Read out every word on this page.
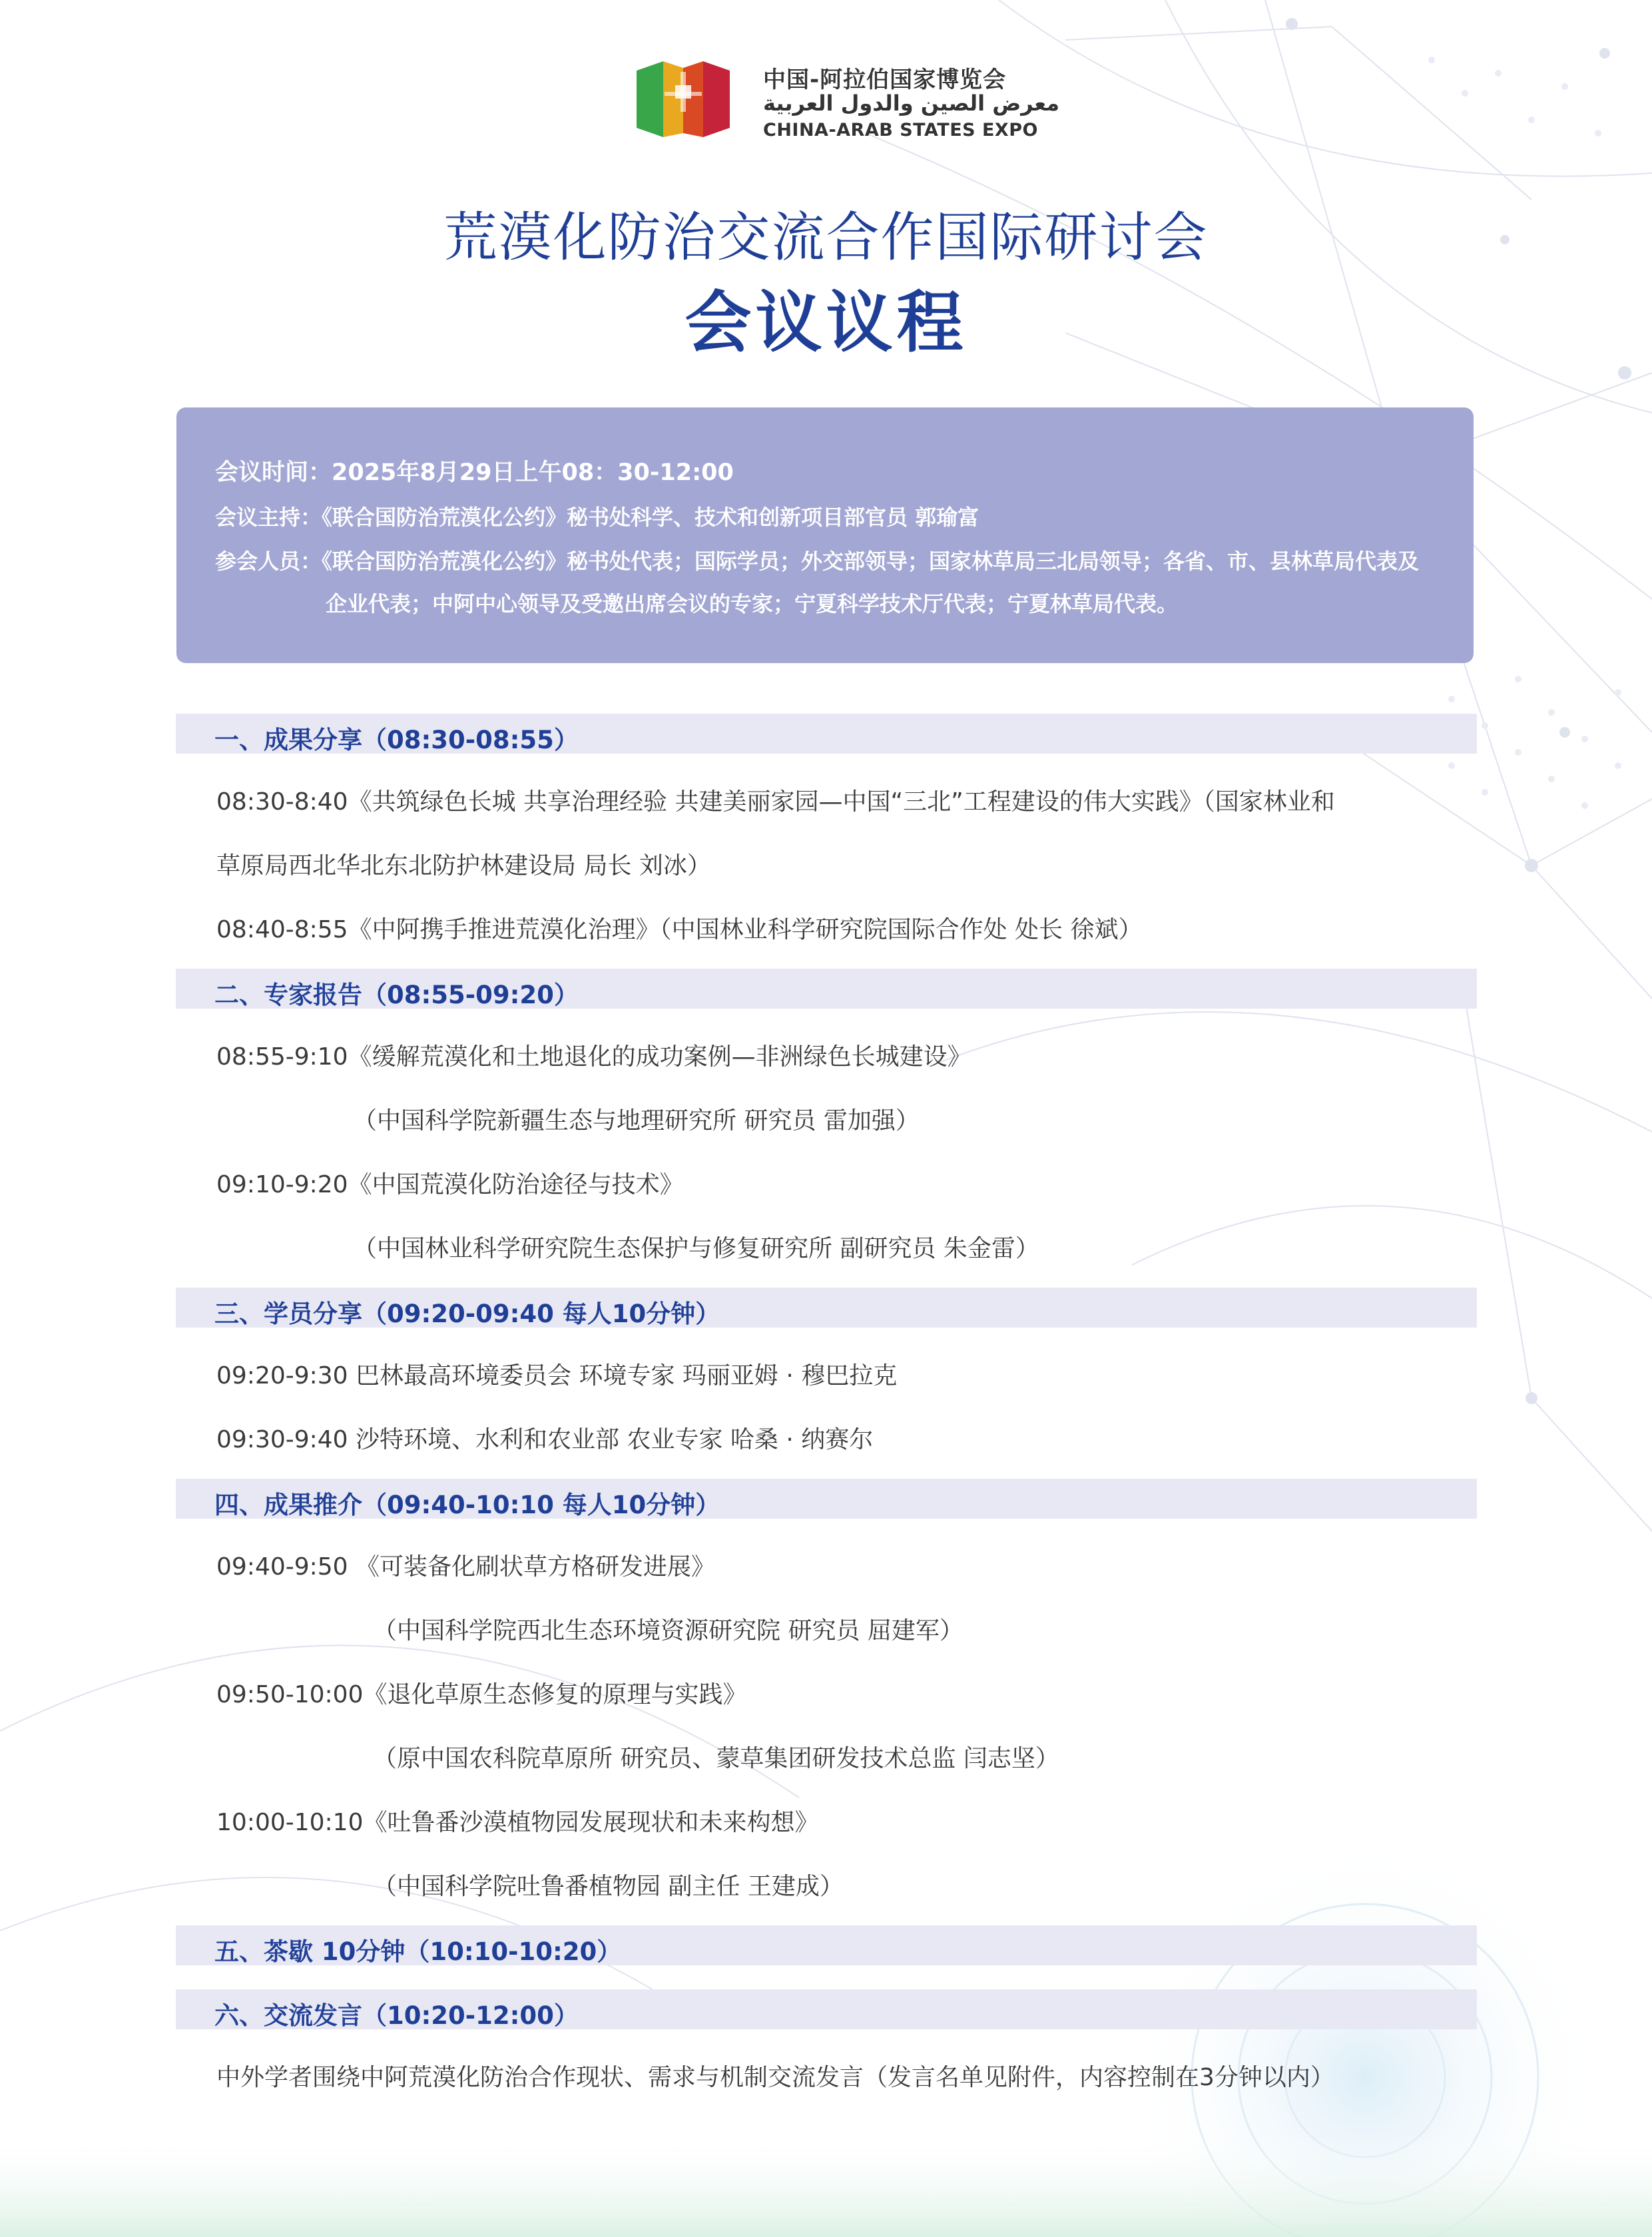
中国-阿拉伯国家博览会
معرض الصين والدول العربية
CHINA-ARAB STATES EXPO
荒漠化防治交流合作国际研讨会
会议议程
会议时间：2025年8月29日上午08：30-12:00
会议主持：《联合国防治荒漠化公约》秘书处科学、技术和创新项目部官员 郭瑜富
参会人员：《联合国防治荒漠化公约》秘书处代表；国际学员；外交部领导；国家林草局三北局领导；各省、市、县林草局代表及
企业代表；中阿中心领导及受邀出席会议的专家；宁夏科学技术厅代表；宁夏林草局代表。
一、成果分享（08:30-08:55）
08:30-8:40《共筑绿色长城 共享治理经验 共建美丽家园—中国“三北”工程建设的伟大实践》（国家林业和
草原局西北华北东北防护林建设局 局长 刘冰）
08:40-8:55《中阿携手推进荒漠化治理》（中国林业科学研究院国际合作处 处长 徐斌）
二、专家报告（08:55-09:20）
08:55-9:10《缓解荒漠化和土地退化的成功案例—非洲绿色长城建设》
（中国科学院新疆生态与地理研究所 研究员 雷加强）
09:10-9:20《中国荒漠化防治途径与技术》
（中国林业科学研究院生态保护与修复研究所 副研究员 朱金雷）
三、学员分享（09:20-09:40 每人10分钟）
09:20-9:30 巴林最高环境委员会 环境专家 玛丽亚姆 · 穆巴拉克
09:30-9:40 沙特环境、水利和农业部 农业专家 哈桑 · 纳赛尔
四、成果推介（09:40-10:10 每人10分钟）
09:40-9:50 《可装备化刷状草方格研发进展》
（中国科学院西北生态环境资源研究院 研究员 屈建军）
09:50-10:00《退化草原生态修复的原理与实践》
（原中国农科院草原所 研究员、蒙草集团研发技术总监 闫志坚）
10:00-10:10《吐鲁番沙漠植物园发展现状和未来构想》
（中国科学院吐鲁番植物园 副主任 王建成）
五、茶歇 10分钟（10:10-10:20）
六、交流发言（10:20-12:00）
中外学者围绕中阿荒漠化防治合作现状、需求与机制交流发言（发言名单见附件，内容控制在3分钟以内）
